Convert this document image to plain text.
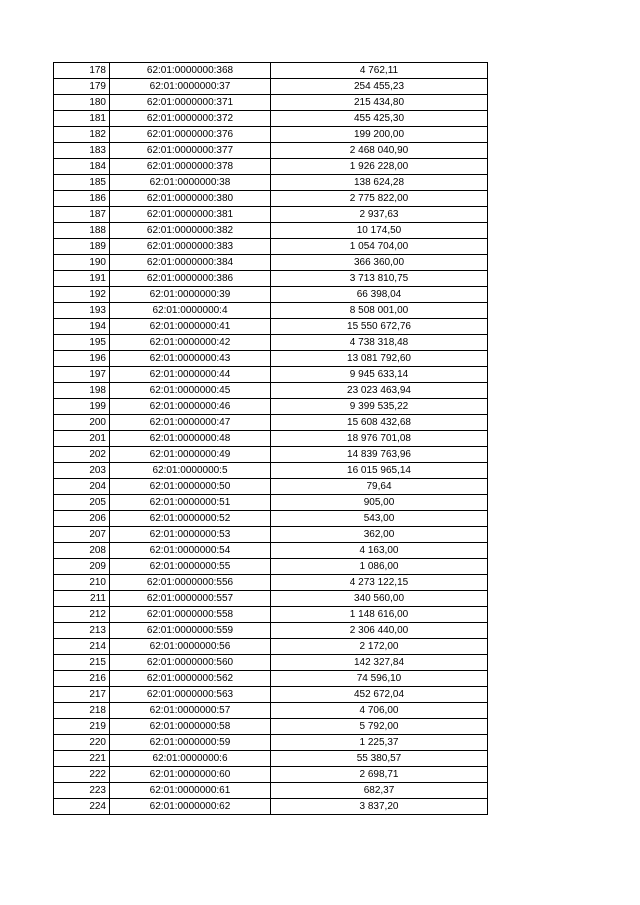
178	62:01:0000000:368	4 762,11
179	62:01:0000000:37	254 455,23
180	62:01:0000000:371	215 434,80
181	62:01:0000000:372	455 425,30
182	62:01:0000000:376	199 200,00
183	62:01:0000000:377	2 468 040,90
184	62:01:0000000:378	1 926 228,00
185	62:01:0000000:38	138 624,28
186	62:01:0000000:380	2 775 822,00
187	62:01:0000000:381	2 937,63
188	62:01:0000000:382	10 174,50
189	62:01:0000000:383	1 054 704,00
190	62:01:0000000:384	366 360,00
191	62:01:0000000:386	3 713 810,75
192	62:01:0000000:39	66 398,04
193	62:01:0000000:4	8 508 001,00
194	62:01:0000000:41	15 550 672,76
195	62:01:0000000:42	4 738 318,48
196	62:01:0000000:43	13 081 792,60
197	62:01:0000000:44	9 945 633,14
198	62:01:0000000:45	23 023 463,94
199	62:01:0000000:46	9 399 535,22
200	62:01:0000000:47	15 608 432,68
201	62:01:0000000:48	18 976 701,08
202	62:01:0000000:49	14 839 763,96
203	62:01:0000000:5	16 015 965,14
204	62:01:0000000:50	79,64
205	62:01:0000000:51	905,00
206	62:01:0000000:52	543,00
207	62:01:0000000:53	362,00
208	62:01:0000000:54	4 163,00
209	62:01:0000000:55	1 086,00
210	62:01:0000000:556	4 273 122,15
211	62:01:0000000:557	340 560,00
212	62:01:0000000:558	1 148 616,00
213	62:01:0000000:559	2 306 440,00
214	62:01:0000000:56	2 172,00
215	62:01:0000000:560	142 327,84
216	62:01:0000000:562	74 596,10
217	62:01:0000000:563	452 672,04
218	62:01:0000000:57	4 706,00
219	62:01:0000000:58	5 792,00
220	62:01:0000000:59	1 225,37
221	62:01:0000000:6	55 380,57
222	62:01:0000000:60	2 698,71
223	62:01:0000000:61	682,37
224	62:01:0000000:62	3 837,20
